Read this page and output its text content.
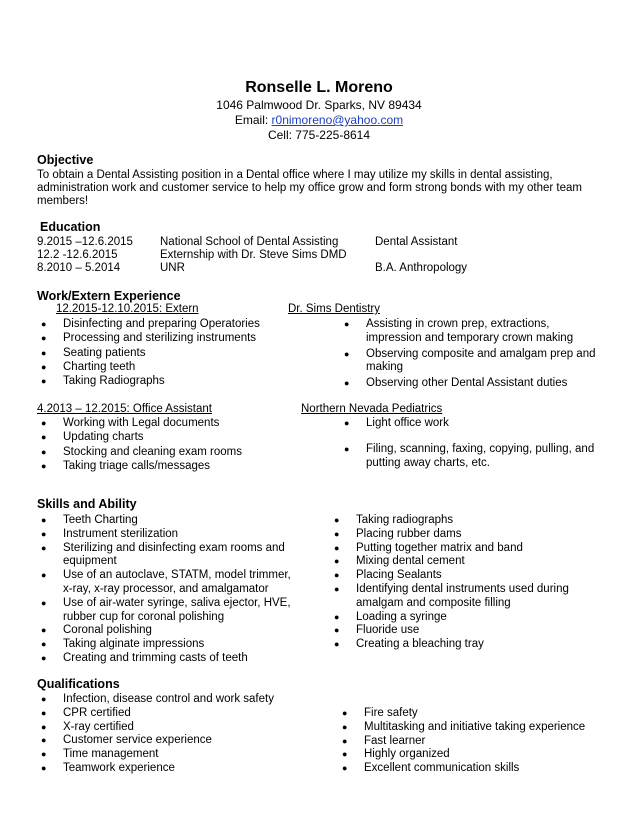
Ronselle L. Moreno
1046 Palmwood Dr. Sparks, NV 89434
Email: r0nimoreno@yahoo.com
Cell: 775-225-8614
Objective
To obtain a Dental Assisting position in a Dental office where I may utilize my skills in dental assisting,
administration work and customer service to help my office grow and form strong bonds with my other team
members!
Education
9.2015 –12.6.2015 National School of Dental Assisting	Dental Assistant
12.2 -12.6.2015	Externship with Dr. Steve Sims DMD
8.2010 – 5.2014	UNR	B.A. Anthropology
Work/Extern Experience
12.2015-12.10.2015: Extern	Dr. Sims Dentistry
● Disinfecting and preparing Operatories
● Processing and sterilizing instruments
● Seating patients
● Charting teeth
● Taking Radiographs
● Assisting in crown prep, extractions, impression and temporary crown making
● Observing composite and amalgam prep and making
● Observing other Dental Assistant duties
4.2013 – 12.2015: Office Assistant	Northern Nevada Pediatrics
● Working with Legal documents
● Updating charts
● Stocking and cleaning exam rooms
● Taking triage calls/messages
● Light office work
● Filing, scanning, faxing, copying, pulling, and putting away charts, etc.
Skills and Ability
● Teeth Charting
● Instrument sterilization
● Sterilizing and disinfecting exam rooms and equipment
● Use of an autoclave, STATM, model trimmer, x-ray, x-ray processor, and amalgamator
● Use of air-water syringe, saliva ejector, HVE, rubber cup for coronal polishing
● Coronal polishing
● Taking alginate impressions
● Creating and trimming casts of teeth
● Taking radiographs
● Placing rubber dams
● Putting together matrix and band
● Mixing dental cement
● Placing Sealants
● Identifying dental instruments used during amalgam and composite filling
● Loading a syringe
● Fluoride use
● Creating a bleaching tray
Qualifications
● Infection, disease control and work safety
● CPR certified
● X-ray certified
● Customer service experience
● Time management
● Teamwork experience
● Fire safety
● Multitasking and initiative taking experience
● Fast learner
● Highly organized
● Excellent communication skills
